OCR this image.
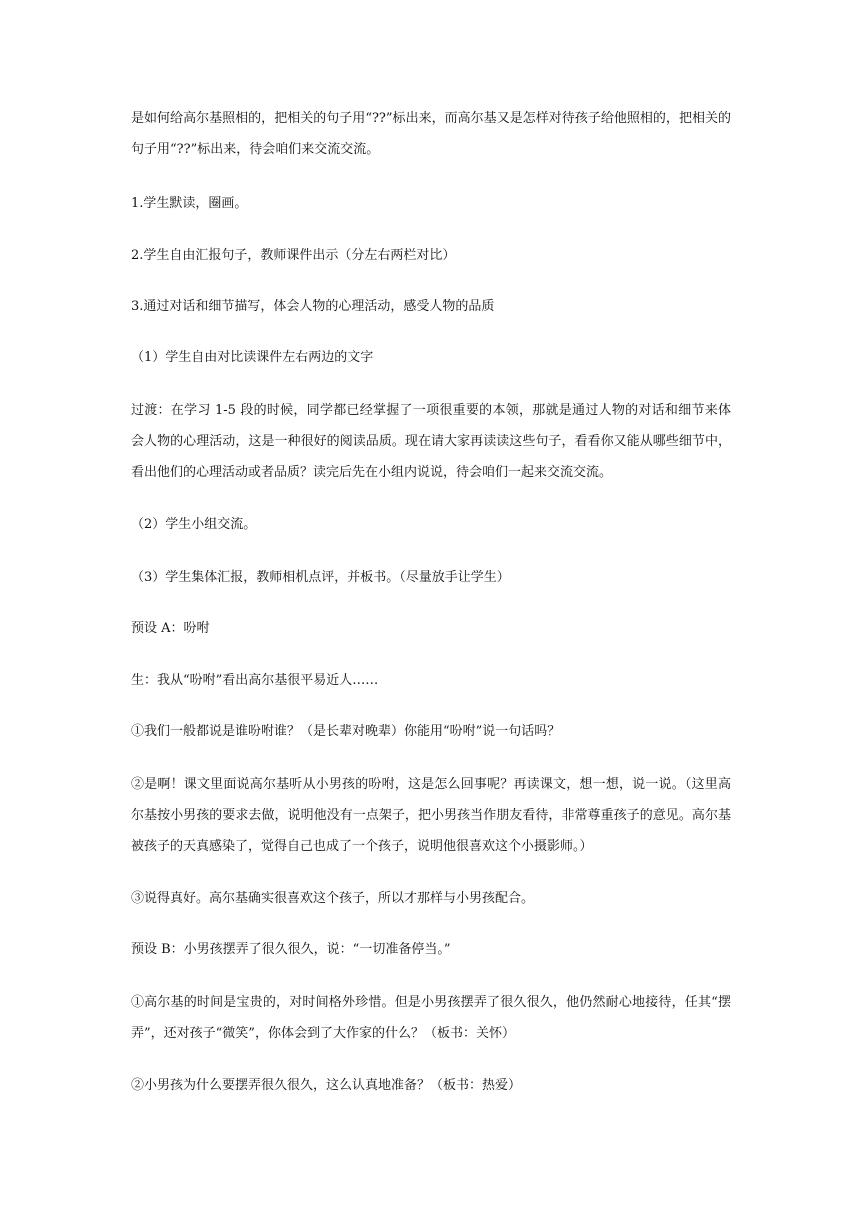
是如何给高尔基照相的，把相关的句子用“??”标出来，而高尔基又是怎样对待孩子给他照相的，把相关的句子用“??”标出来，待会咱们来交流交流。

1.学生默读，圈画。

2.学生自由汇报句子，教师课件出示（分左右两栏对比）

3.通过对话和细节描写，体会人物的心理活动，感受人物的品质

（1）学生自由对比读课件左右两边的文字

过渡：在学习 1-5 段的时候，同学都已经掌握了一项很重要的本领，那就是通过人物的对话和细节来体会人物的心理活动，这是一种很好的阅读品质。现在请大家再读读这些句子，看看你又能从哪些细节中，看出他们的心理活动或者品质？读完后先在小组内说说，待会咱们一起来交流交流。

（2）学生小组交流。

（3）学生集体汇报，教师相机点评，并板书。（尽量放手让学生）

预设 A：吩咐

生：我从“吩咐”看出高尔基很平易近人……

①我们一般都说是谁吩咐谁？（是长辈对晚辈）你能用“吩咐”说一句话吗？

②是啊！课文里面说高尔基听从小男孩的吩咐，这是怎么回事呢？再读课文，想一想，说一说。（这里高尔基按小男孩的要求去做，说明他没有一点架子，把小男孩当作朋友看待，非常尊重孩子的意见。高尔基被孩子的天真感染了，觉得自己也成了一个孩子，说明他很喜欢这个小摄影师。）

③说得真好。高尔基确实很喜欢这个孩子，所以才那样与小男孩配合。

预设 B：小男孩摆弄了很久很久，说：“一切准备停当。”

①高尔基的时间是宝贵的，对时间格外珍惜。但是小男孩摆弄了很久很久，他仍然耐心地接待，任其“摆弄”，还对孩子“微笑”，你体会到了大作家的什么？（板书：关怀）

②小男孩为什么要摆弄很久很久，这么认真地准备？（板书：热爱）
